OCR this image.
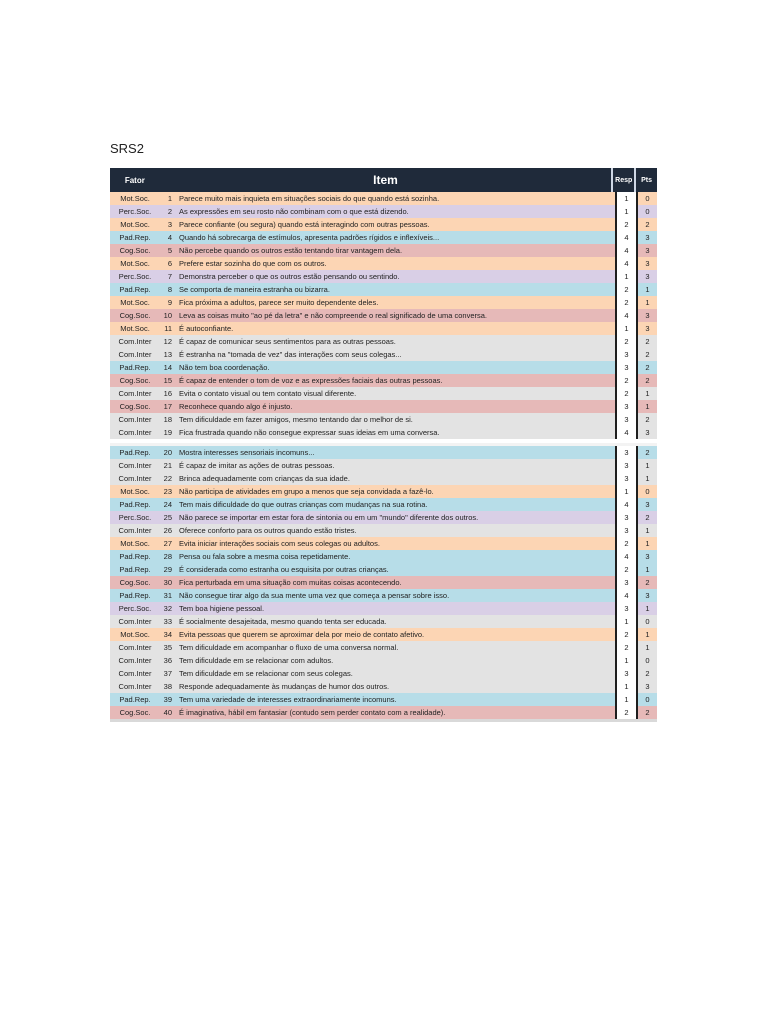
SRS2
Fator	Item	Resp	Pts
Mot.Soc.	1 Parece muito mais inquieta em situações sociais do que quando está sozinha.	1	0
Perc.Soc.	2 As expressões em seu rosto não combinam com o que está dizendo.	1	0
Mot.Soc.	3 Parece confiante (ou segura) quando está interagindo com outras pessoas.	2	2
Pad.Rep.	4 Quando há sobrecarga de estímulos, apresenta padrões rígidos e inflexíveis...	4	3
Cog.Soc.	5 Não percebe quando os outros estão tentando tirar vantagem dela.	4	3
Mot.Soc.	6 Prefere estar sozinha do que com os outros.	4	3
Perc.Soc.	7 Demonstra perceber o que os outros estão pensando ou sentindo.	1	3
Pad.Rep.	8 Se comporta de maneira estranha ou bizarra.	2	1
Mot.Soc.	9 Fica próxima a adultos, parece ser muito dependente deles.	2	1
Cog.Soc.	10 Leva as coisas muito "ao pé da letra" e não compreende o real significado de uma conversa.	4	3
Mot.Soc.	11 É autoconfiante.	1	3
Com.Inter	12 É capaz de comunicar seus sentimentos para as outras pessoas.	2	2
Com.Inter	13 É estranha na "tomada de vez" das interações com seus colegas...	3	2
Pad.Rep.	14 Não tem boa coordenação.	3	2
Cog.Soc.	15 É capaz de entender o tom de voz e as expressões faciais das outras pessoas.	2	2
Com.Inter	16 Evita o contato visual ou tem contato visual diferente.	2	1
Cog.Soc.	17 Reconhece quando algo é injusto.	3	1
Com.Inter	18 Tem dificuldade em fazer amigos, mesmo tentando dar o melhor de si.	3	2
Com.Inter	19 Fica frustrada quando não consegue expressar suas ideias em uma conversa.	4	3
Pad.Rep.	20 Mostra interesses sensoriais incomuns...	3	2
Com.Inter	21 É capaz de imitar as ações de outras pessoas.	3	1
Com.Inter	22 Brinca adequadamente com crianças da sua idade.	3	1
Mot.Soc.	23 Não participa de atividades em grupo a menos que seja convidada a fazê-lo.	1	0
Pad.Rep.	24 Tem mais dificuldade do que outras crianças com mudanças na sua rotina.	4	3
Perc.Soc.	25 Não parece se importar em estar fora de sintonia ou em um "mundo" diferente dos outros.	3	2
Com.Inter	26 Oferece conforto para os outros quando estão tristes.	3	1
Mot.Soc.	27 Evita iniciar interações sociais com seus colegas ou adultos.	2	1
Pad.Rep.	28 Pensa ou fala sobre a mesma coisa repetidamente.	4	3
Pad.Rep.	29 É considerada como estranha ou esquisita por outras crianças.	2	1
Cog.Soc.	30 Fica perturbada em uma situação com muitas coisas acontecendo.	3	2
Pad.Rep.	31 Não consegue tirar algo da sua mente uma vez que começa a pensar sobre isso.	4	3
Perc.Soc.	32 Tem boa higiene pessoal.	3	1
Com.Inter	33 É socialmente desajeitada, mesmo quando tenta ser educada.	1	0
Mot.Soc.	34 Evita pessoas que querem se aproximar dela por meio de contato afetivo.	2	1
Com.Inter	35 Tem dificuldade em acompanhar o fluxo de uma conversa normal.	2	1
Com.Inter	36 Tem dificuldade em se relacionar com adultos.	1	0
Com.Inter	37 Tem dificuldade em se relacionar com seus colegas.	3	2
Com.Inter	38 Responde adequadamente às mudanças de humor dos outros.	1	3
Pad.Rep.	39 Tem uma variedade de interesses extraordinariamente incomuns.	1	0
Cog.Soc.	40 É imaginativa, hábil em fantasiar (contudo sem perder contato com a realidade).	2	2
